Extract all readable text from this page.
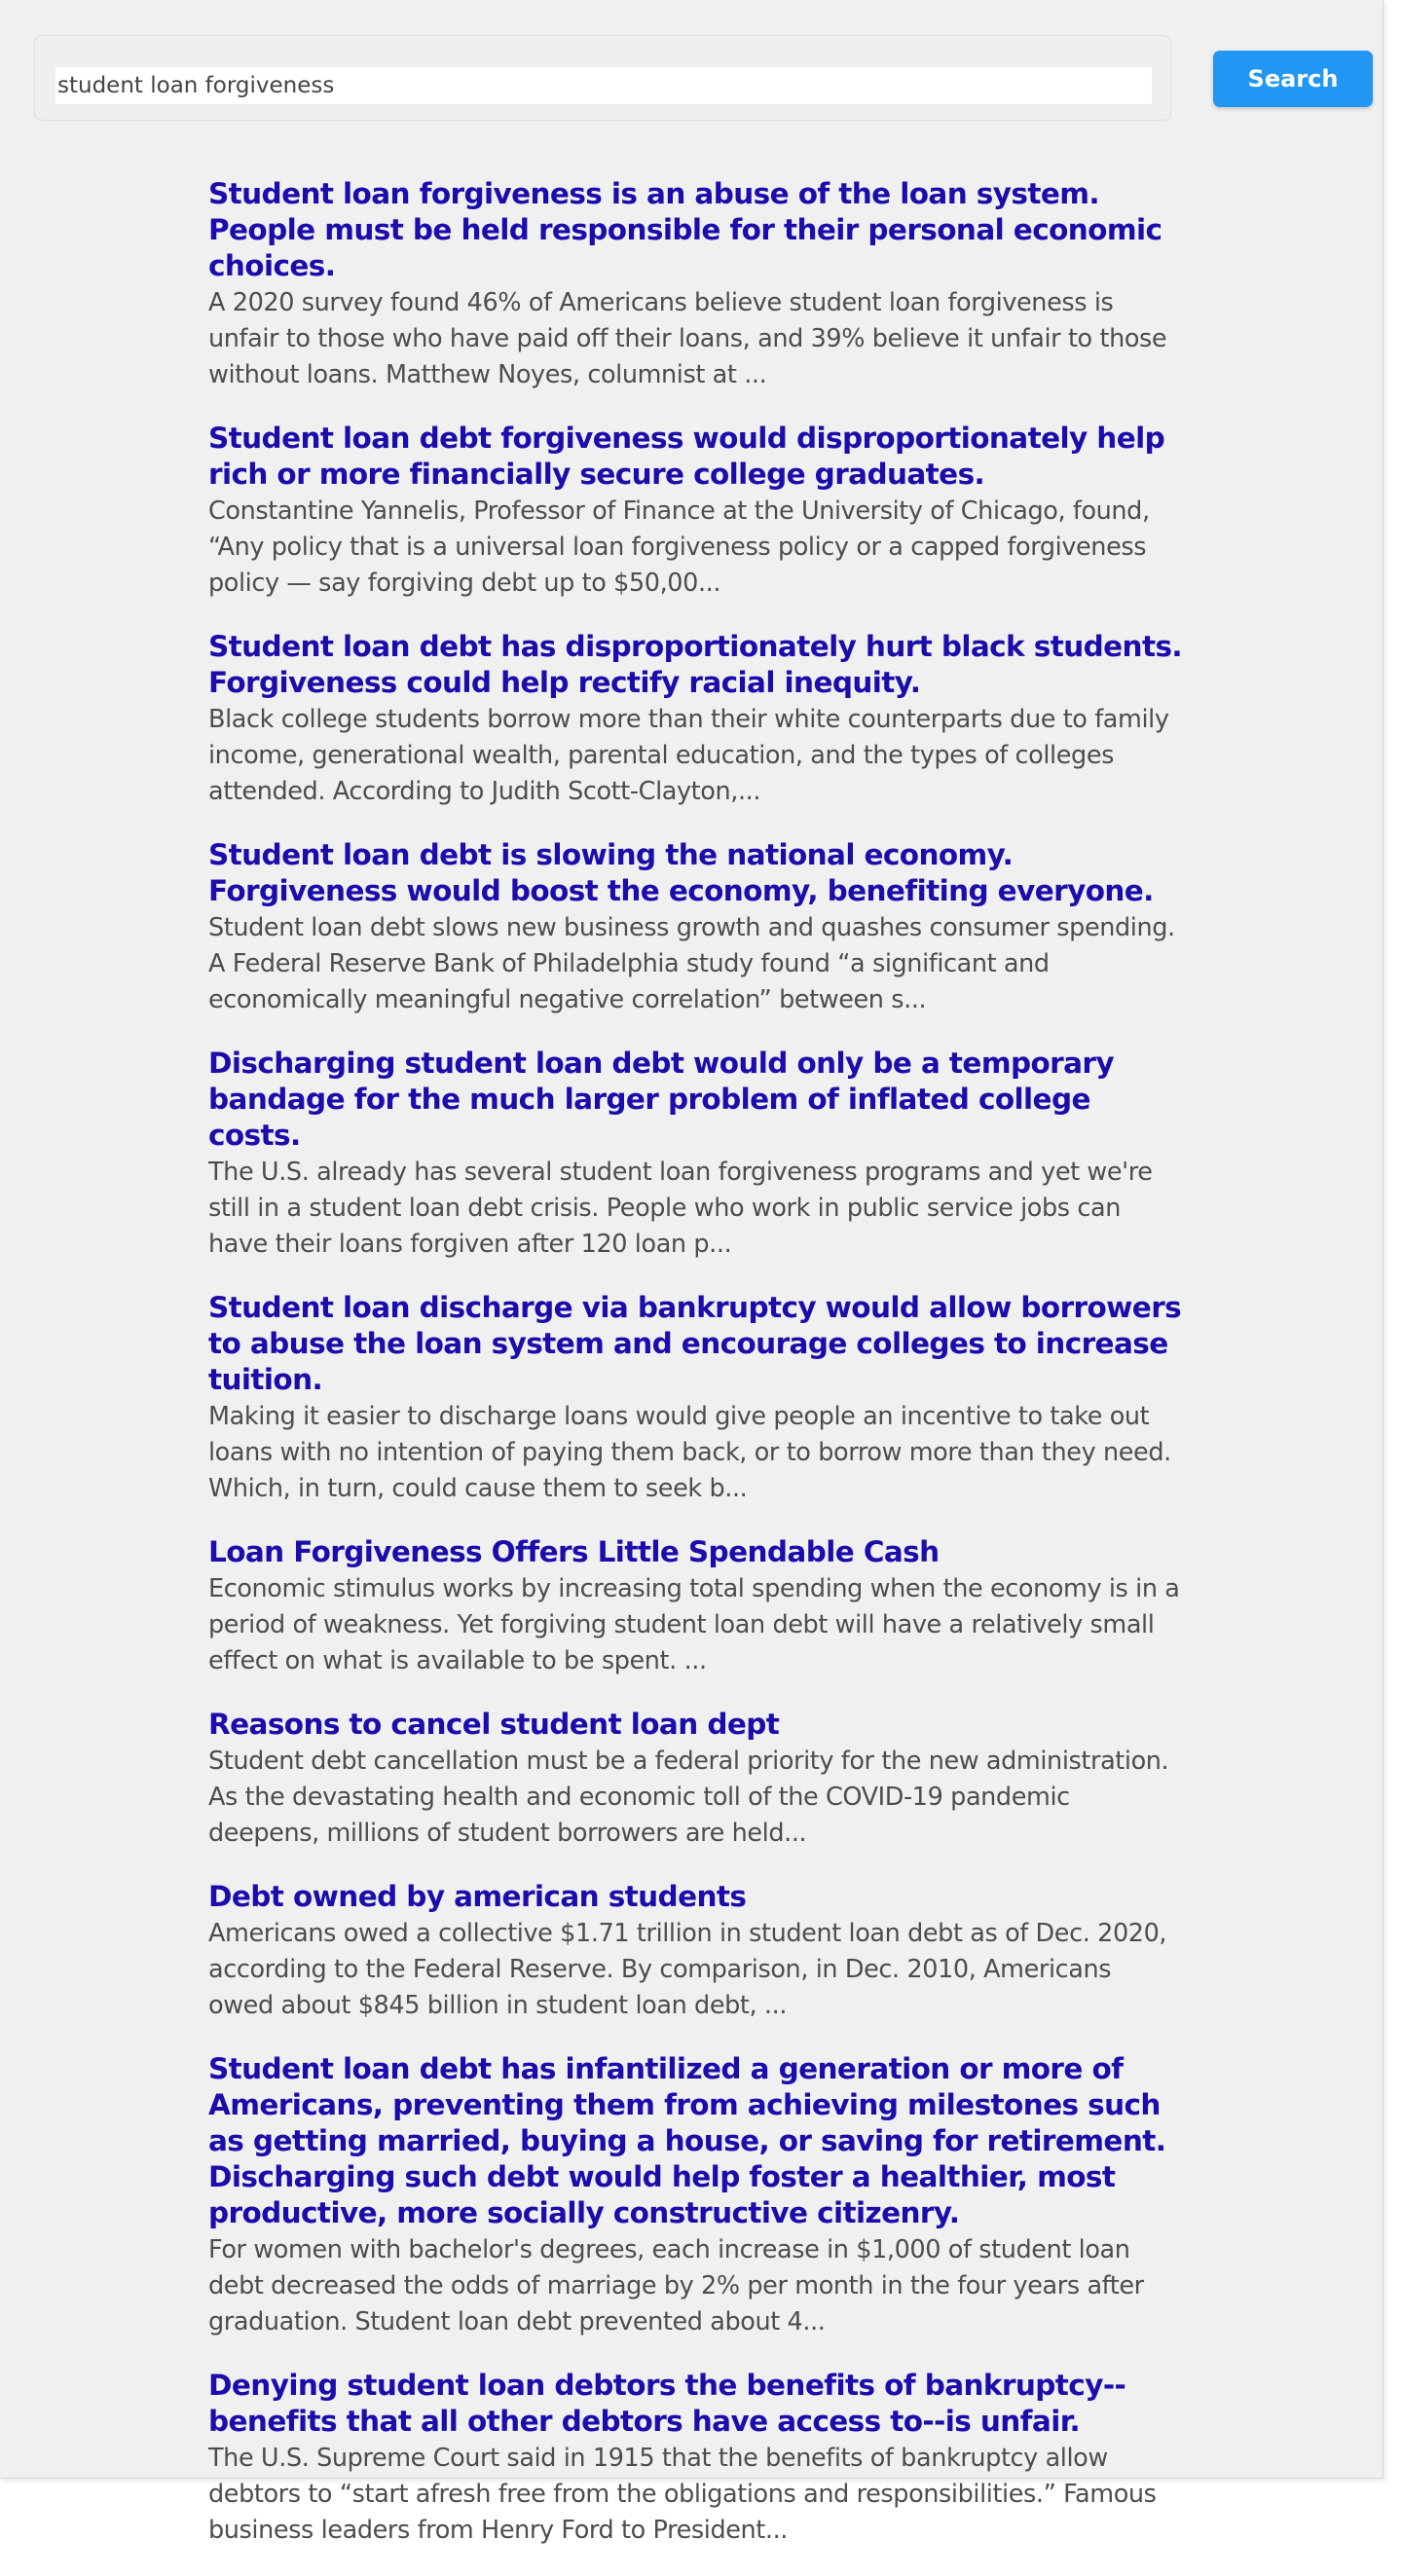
student loan forgiveness
Search
Student loan forgiveness is an abuse of the loan system. People must be held responsible for their personal economic choices.
A 2020 survey found 46% of Americans believe student loan forgiveness is unfair to those who have paid off their loans, and 39% believe it unfair to those without loans. Matthew Noyes, columnist at ...
Student loan debt forgiveness would disproportionately help rich or more financially secure college graduates.
Constantine Yannelis, Professor of Finance at the University of Chicago, found, “Any policy that is a universal loan forgiveness policy or a capped forgiveness policy — say forgiving debt up to $50,00...
Student loan debt has disproportionately hurt black students. Forgiveness could help rectify racial inequity.
Black college students borrow more than their white counterparts due to family income, generational wealth, parental education, and the types of colleges attended. According to Judith Scott-Clayton,...
Student loan debt is slowing the national economy. Forgiveness would boost the economy, benefiting everyone.
Student loan debt slows new business growth and quashes consumer spending. A Federal Reserve Bank of Philadelphia study found “a significant and economically meaningful negative correlation” between s...
Discharging student loan debt would only be a temporary bandage for the much larger problem of inflated college costs.
The U.S. already has several student loan forgiveness programs and yet we're still in a student loan debt crisis. People who work in public service jobs can have their loans forgiven after 120 loan p...
Student loan discharge via bankruptcy would allow borrowers to abuse the loan system and encourage colleges to increase tuition.
Making it easier to discharge loans would give people an incentive to take out loans with no intention of paying them back, or to borrow more than they need. Which, in turn, could cause them to seek b...
Loan Forgiveness Offers Little Spendable Cash
Economic stimulus works by increasing total spending when the economy is in a period of weakness. Yet forgiving student loan debt will have a relatively small effect on what is available to be spent. ...
Reasons to cancel student loan dept
Student debt cancellation must be a federal priority for the new administration. As the devastating health and economic toll of the COVID-19 pandemic deepens, millions of student borrowers are held...
Debt owned by american students
Americans owed a collective $1.71 trillion in student loan debt as of Dec. 2020, according to the Federal Reserve. By comparison, in Dec. 2010, Americans owed about $845 billion in student loan debt, ...
Student loan debt has infantilized a generation or more of Americans, preventing them from achieving milestones such as getting married, buying a house, or saving for retirement. Discharging such debt would help foster a healthier, most productive, more socially constructive citizenry.
For women with bachelor's degrees, each increase in $1,000 of student loan debt decreased the odds of marriage by 2% per month in the four years after graduation. Student loan debt prevented about 4...
Denying student loan debtors the benefits of bankruptcy--benefits that all other debtors have access to--is unfair.
The U.S. Supreme Court said in 1915 that the benefits of bankruptcy allow debtors to “start afresh free from the obligations and responsibilities.” Famous business leaders from Henry Ford to President...
